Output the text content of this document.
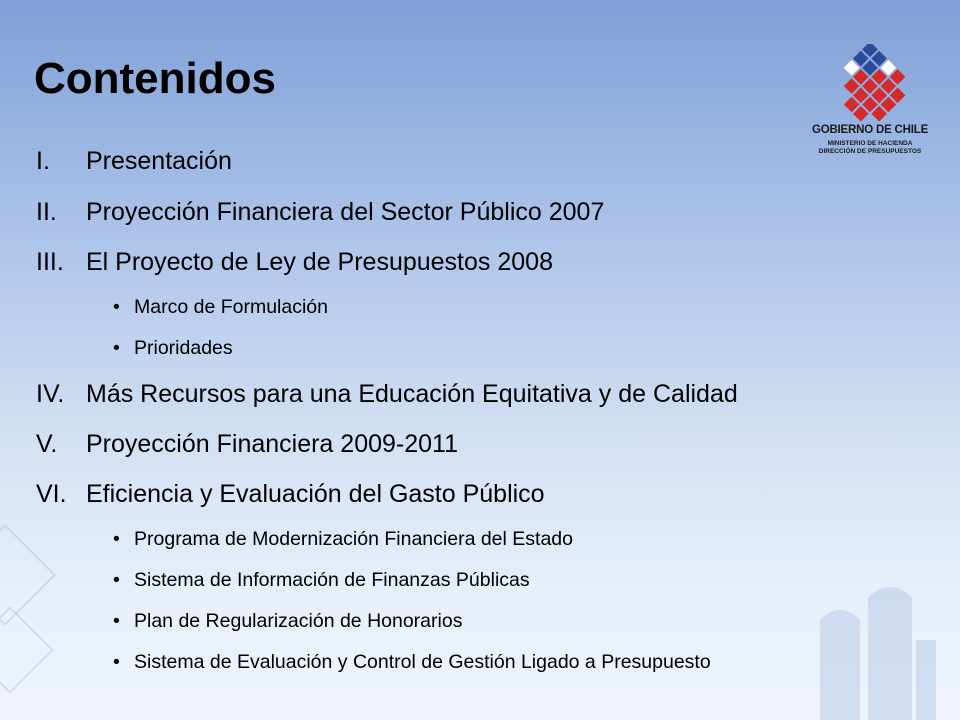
Contenidos
GOBIERNO DE CHILE
MINISTERIO DE HACIENDA
DIRECCIÓN DE PRESUPUESTOS
I. Presentación
II. Proyección Financiera del Sector Público 2007
III. El Proyecto de Ley de Presupuestos 2008
• Marco de Formulación
• Prioridades
IV. Más Recursos para una Educación Equitativa y de Calidad
V. Proyección Financiera 2009-2011
VI. Eficiencia y Evaluación del Gasto Público
• Programa de Modernización Financiera del Estado
• Sistema de Información de Finanzas Públicas
• Plan de Regularización de Honorarios
• Sistema de Evaluación y Control de Gestión Ligado a Presupuesto
